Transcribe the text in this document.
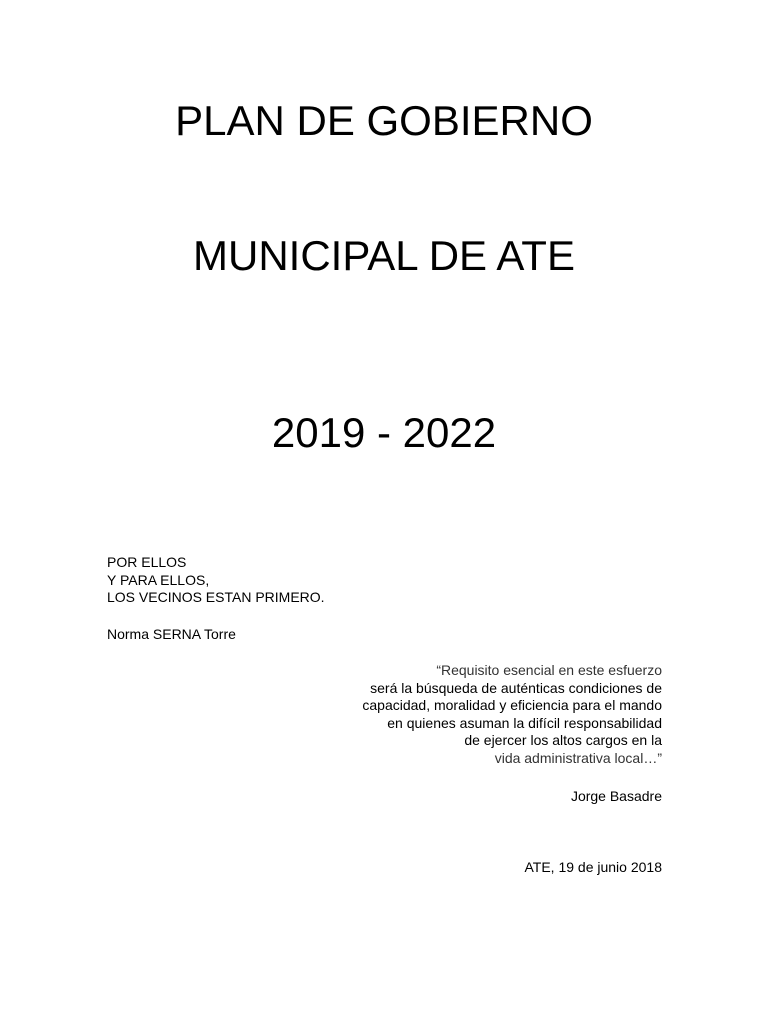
PLAN DE GOBIERNO
MUNICIPAL DE ATE
2019 - 2022
POR ELLOS
Y PARA ELLOS,
LOS VECINOS ESTAN PRIMERO.
Norma SERNA Torre
“Requisito esencial en este esfuerzo
será la búsqueda de auténticas condiciones de
capacidad, moralidad y eficiencia para el mando
en quienes asuman la difícil responsabilidad
de ejercer los altos cargos en la
vida administrativa local…”
Jorge Basadre
ATE, 19 de junio 2018
